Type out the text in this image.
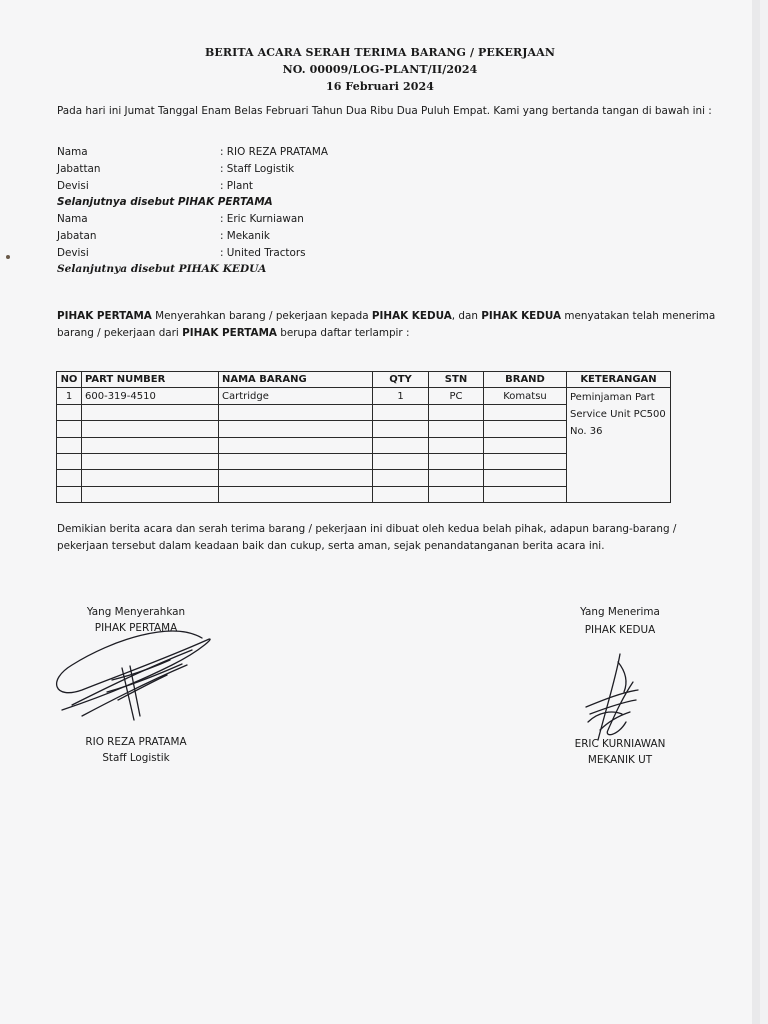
BERITA ACARA SERAH TERIMA BARANG / PEKERJAAN
NO. 00009/LOG-PLANT/II/2024
16 Februari 2024
Pada hari ini Jumat Tanggal Enam Belas Februari Tahun Dua Ribu Dua Puluh Empat. Kami yang bertanda tangan di bawah ini :
Nama	: RIO REZA PRATAMA
Jabattan	: Staff Logistik
Devisi	: Plant
Selanjutnya disebut PIHAK PERTAMA
Nama	: Eric Kurniawan
Jabatan	: Mekanik
Devisi	: United Tractors
Selanjutnya disebut PIHAK KEDUA
PIHAK PERTAMA Menyerahkan barang / pekerjaan kepada PIHAK KEDUA, dan PIHAK KEDUA menyatakan telah menerima barang / pekerjaan dari PIHAK PERTAMA berupa daftar terlampir :
NO	PART NUMBER	NAMA BARANG	QTY	STN	BRAND	KETERANGAN
1	600-319-4510	Cartridge	1	PC	Komatsu	Peminjaman Part Service Unit PC500 No. 36

Demikian berita acara dan serah terima barang / pekerjaan ini dibuat oleh kedua belah pihak, adapun barang-barang / pekerjaan tersebut dalam keadaan baik dan cukup, serta aman, sejak penandatanganan berita acara ini.
Yang Menyerahkan
PIHAK PERTAMA
RIO REZA PRATAMA
Staff Logistik
Yang Menerima
PIHAK KEDUA
ERIC KURNIAWAN
MEKANIK UT
